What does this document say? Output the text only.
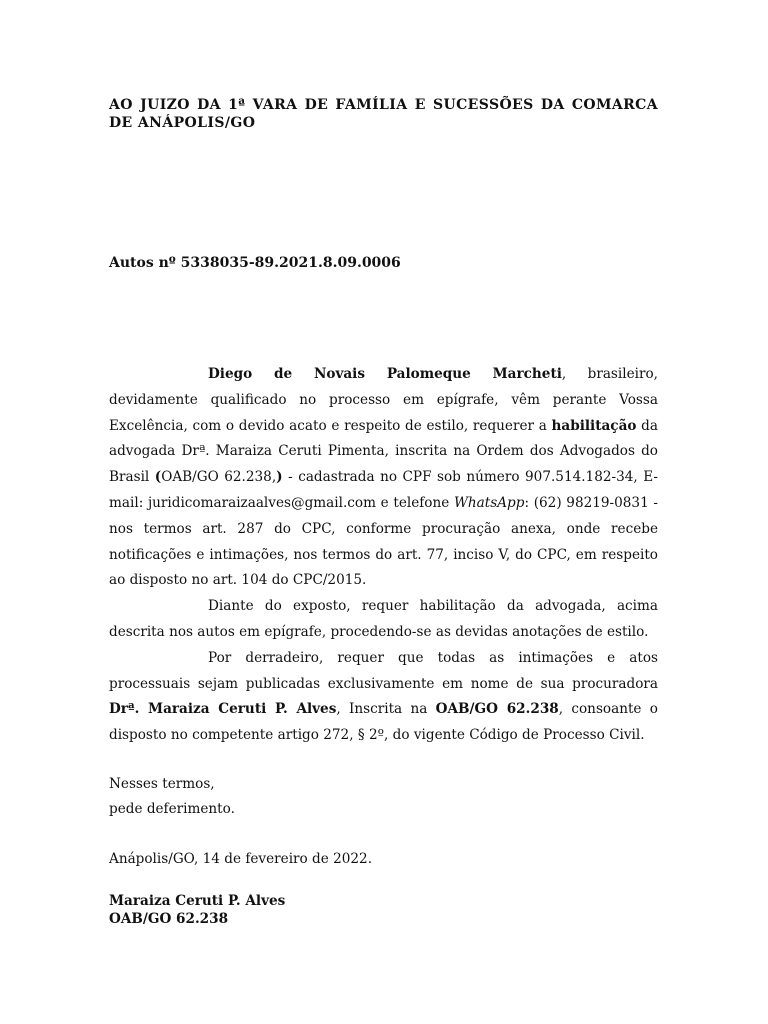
AO JUIZO DA 1ª VARA DE FAMÍLIA E SUCESSÕES DA COMARCA DE ANÁPOLIS/GO
Autos nº 5338035-89.2021.8.09.0006

Diego de Novais Palomeque Marcheti, brasileiro, devidamente qualificado no processo em epígrafe, vêm perante Vossa Excelência, com o devido acato e respeito de estilo, requerer a habilitação da advogada Drª. Maraiza Ceruti Pimenta, inscrita na Ordem dos Advogados do Brasil (OAB/GO 62.238,) - cadastrada no CPF sob número 907.514.182-34, E-mail: juridicomaraizaalves@gmail.com e telefone WhatsApp: (62) 98219-0831 - nos termos art. 287 do CPC, conforme procuração anexa, onde recebe notificações e intimações, nos termos do art. 77, inciso V, do CPC, em respeito ao disposto no art. 104 do CPC/2015.

Diante do exposto, requer habilitação da advogada, acima descrita nos autos em epígrafe, procedendo-se as devidas anotações de estilo.

Por derradeiro, requer que todas as intimações e atos processuais sejam publicadas exclusivamente em nome de sua procuradora Drª. Maraiza Ceruti P. Alves, Inscrita na OAB/GO 62.238, consoante o disposto no competente artigo 272, § 2º, do vigente Código de Processo Civil.

Nesses termos,
pede deferimento.
Anápolis/GO, 14 de fevereiro de 2022.
Maraiza Ceruti P. Alves
OAB/GO 62.238
